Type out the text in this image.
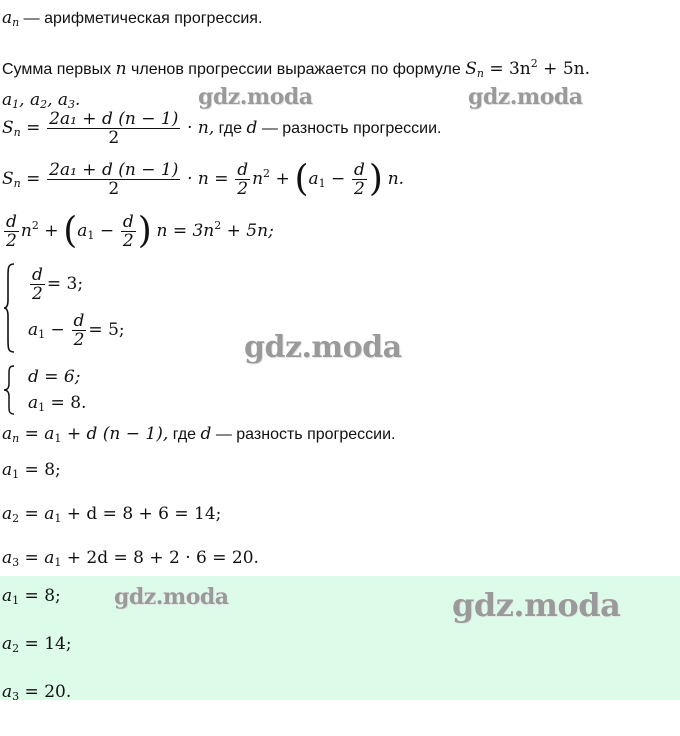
$a_n$ — арифметическая прогрессия.
Сумма первых n членов прогрессии выражается по формуле $S_n = 3n^2 + 5n$.
$a_1$, $a_2$, $a_3$.
$S_n = \frac{\text{2a₁ + d (n − 1)}}{2} \cdot n$, где d — разность прогрессии.
$S_n = \frac{\text{2a₁ + d (n − 1)}}{2} \cdot n = \frac{d}{2} n^2 + (a_1 - \frac{d}{2}$ ) n.
$\frac{d}{2} n^2 + (a_1 - \frac{d}{2}$ ) $n = 3n^2 + 5n$;
$\frac{d}{2} = 3$;
$a_1 - \frac{d}{2} = 5$;
d = 6;
$a_1 = 8$.
$a_n = a_1 + d$ (n − 1), где d — разность прогрессии.
$a_1 = 8$;
$a_2 = a_1 + d = 8 + 6 = 14$;
$a_3 = a_1 + 2d = 8 + 2 \cdot 6 = 20$.
$a_1 = 8$;
$a_2 = 14$;
$a_3 = 20$.
gdz.moda	gdz.moda
gdz.moda
gdz.moda	gdz.moda
